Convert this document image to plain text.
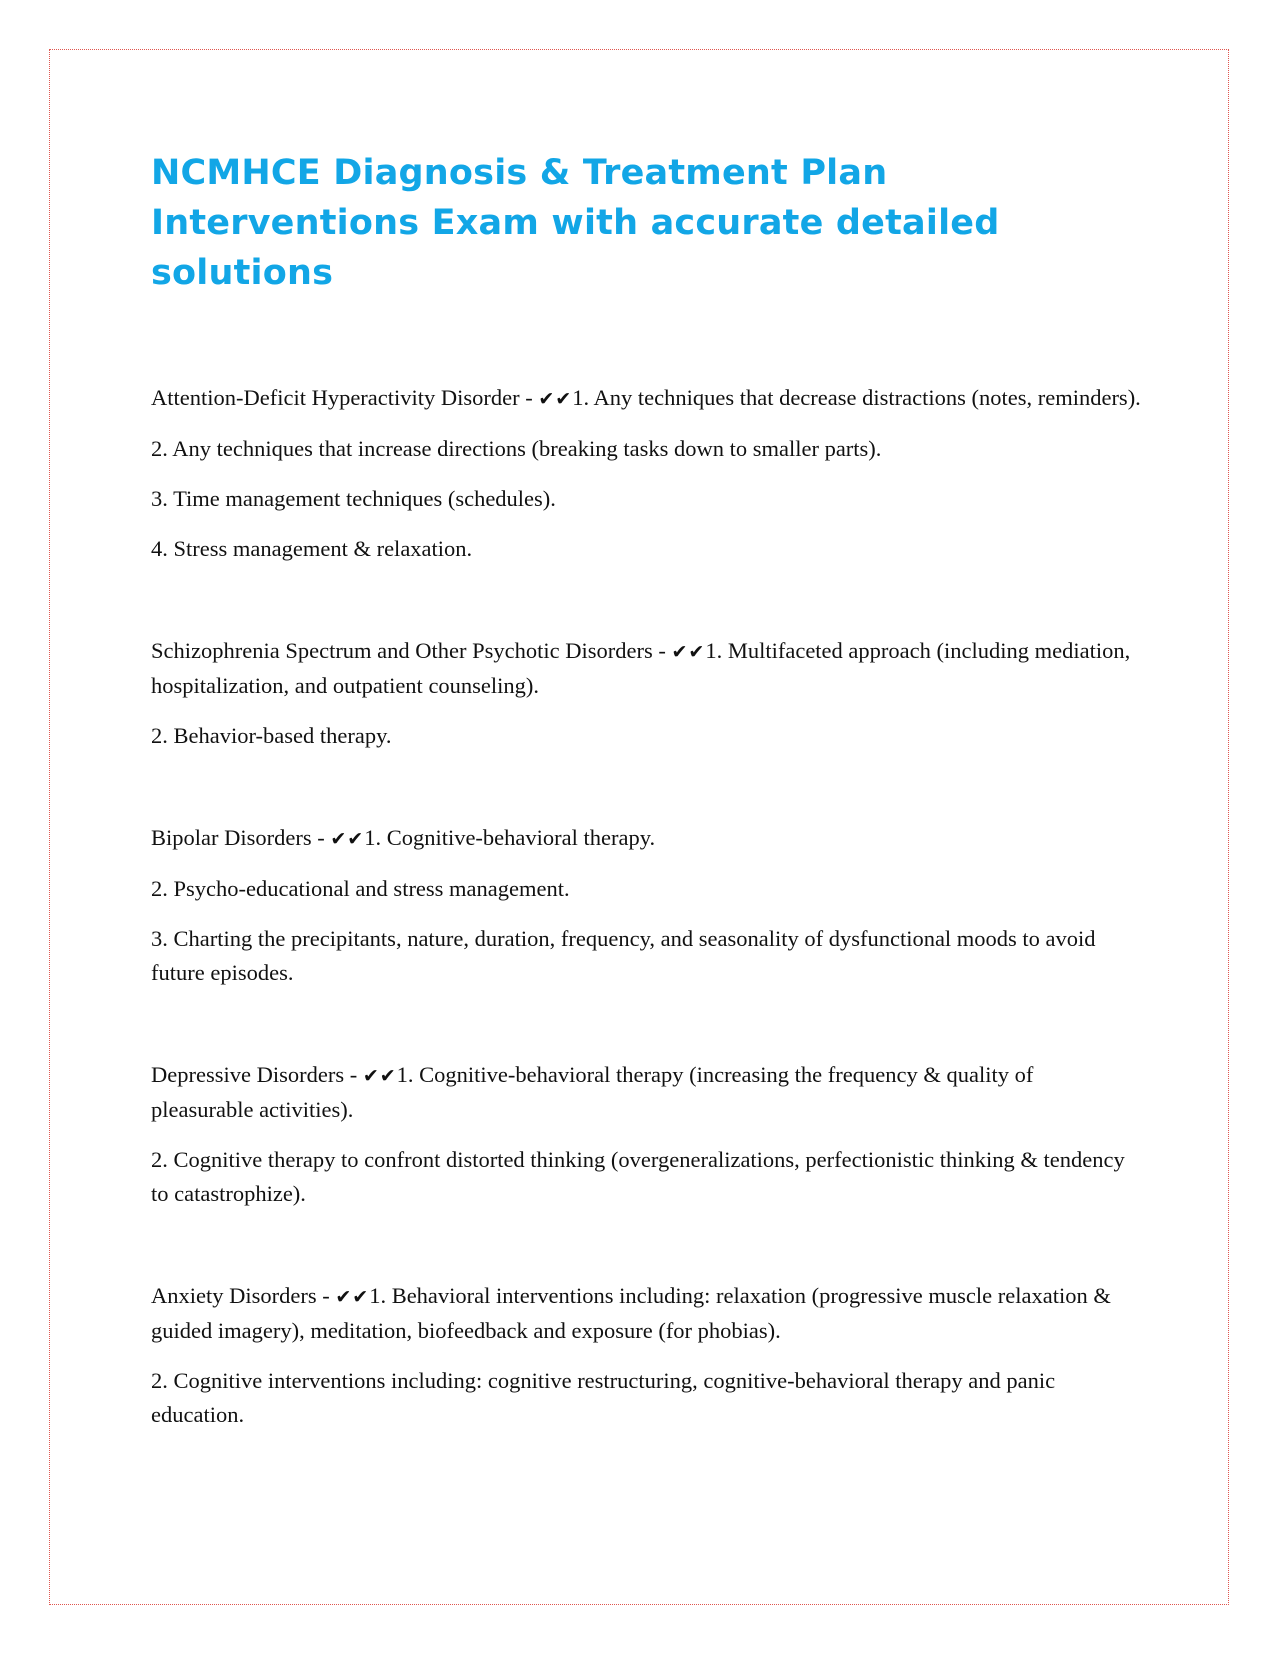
NCMHCE Diagnosis & Treatment Plan Interventions Exam with accurate detailed solutions

Attention-Deficit Hyperactivity Disorder - ✔✔1. Any techniques that decrease distractions (notes, reminders).

2. Any techniques that increase directions (breaking tasks down to smaller parts).

3. Time management techniques (schedules).

4. Stress management & relaxation.

Schizophrenia Spectrum and Other Psychotic Disorders - ✔✔1. Multifaceted approach (including mediation, hospitalization, and outpatient counseling).

2. Behavior-based therapy.

Bipolar Disorders - ✔✔1. Cognitive-behavioral therapy.

2. Psycho-educational and stress management.

3. Charting the precipitants, nature, duration, frequency, and seasonality of dysfunctional moods to avoid future episodes.

Depressive Disorders - ✔✔1. Cognitive-behavioral therapy (increasing the frequency & quality of pleasurable activities).

2. Cognitive therapy to confront distorted thinking (overgeneralizations, perfectionistic thinking & tendency to catastrophize).

Anxiety Disorders - ✔✔1. Behavioral interventions including: relaxation (progressive muscle relaxation & guided imagery), meditation, biofeedback and exposure (for phobias).

2. Cognitive interventions including: cognitive restructuring, cognitive-behavioral therapy and panic education.
